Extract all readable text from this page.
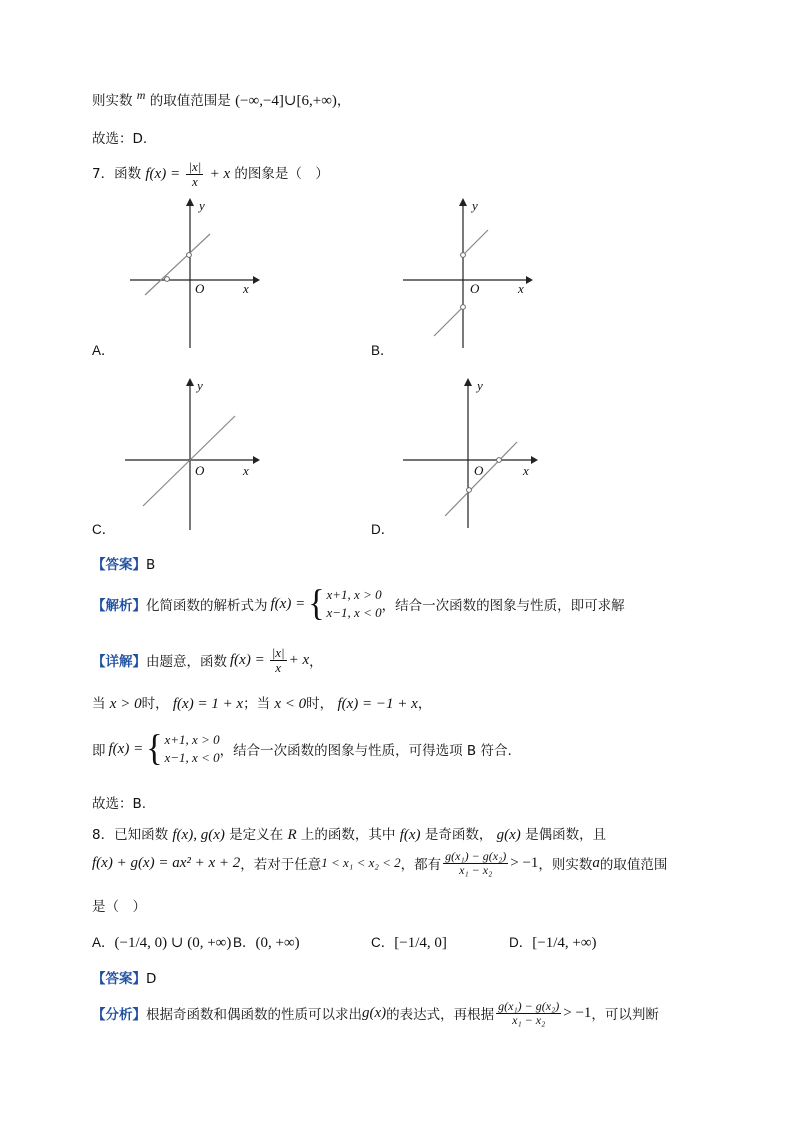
则实数 m 的取值范围是 (−∞,−4]∪[6,+∞)，
故选：D.
7．函数 $f(x) = \frac{|x|}{x} + x$ 的图象是（　）
y
O	x
A．
y
O	x
B．
y
O	x
C．
y
O	x
D．
【答案】B
【解析】 化简函数的解析式为 f(x) = { x+1, x > 0
x−1, x < 0 ，结合一次函数的图象与性质，即可求解
【详解】 由题意，函数 $f(x) = \frac{|x|}{x} + x$ ，
当 x > 0时， f(x) = 1 + x；当 x < 0时， f(x) = −1 + x，
即 f(x) = { x+1, x > 0
x−1, x < 0 ，结合一次函数的图象与性质，可得选项 B 符合.
故选：B.
8．已知函数 f(x), g(x) 是定义在 R 上的函数，其中 f(x) 是奇函数， g(x) 是偶函数，且
f(x) + g(x) = ax² + x + 2 ，若对于任意 1 < x₁ < x₂ < 2 ，都有 $\frac{\text{g(x₁) − g(x₂)}}{\text{x₁ − x₂}} > -1$ ，则实数 a 的取值范围
是（　）
A．(−1/4, 0) ∪ (0, +∞) B．(0, +∞)	C．[−1/4, 0]	D．[−1/4, +∞)
【答案】D
【分析】 根据奇函数和偶函数的性质可以求出 g(x) 的表达式，再根据 $\frac{\text{g(x₁) − g(x₂)}}{\text{x₁ − x₂}} > -1$ ，可以判断
